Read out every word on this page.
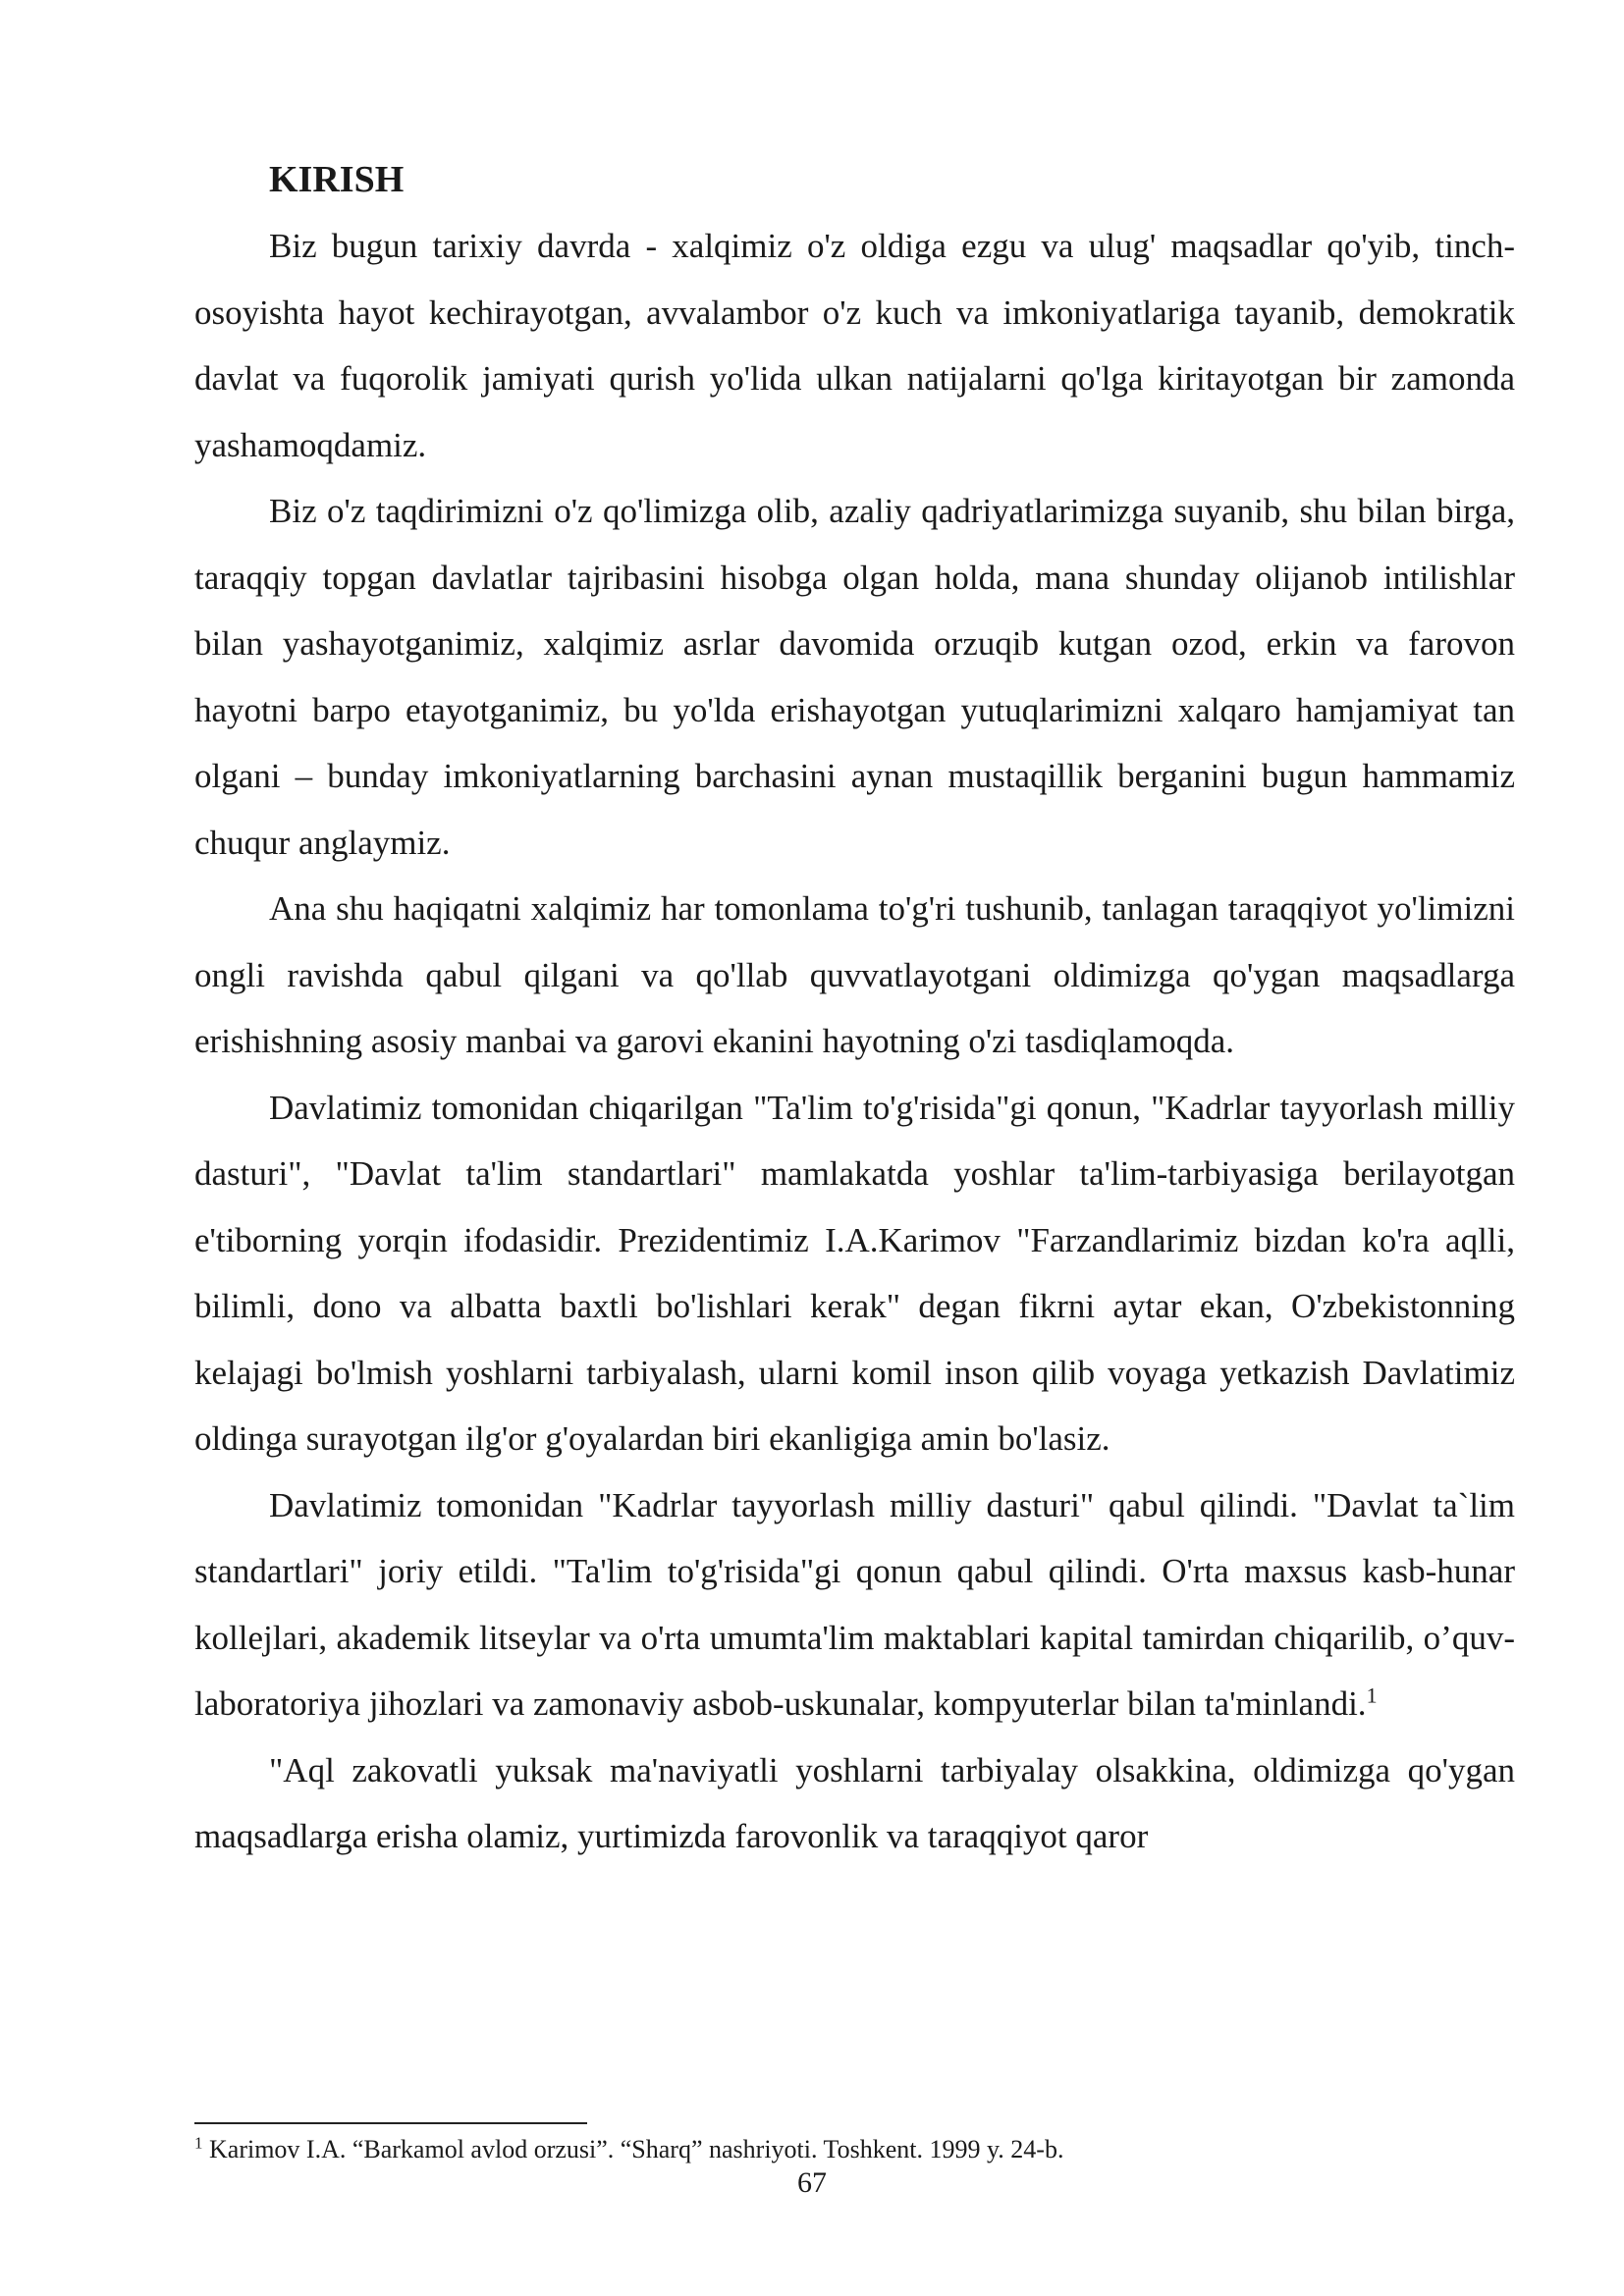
KIRISH

Biz bugun tarixiy davrda - xalqimiz o'z oldiga ezgu va ulug' maqsadlar qo'yib, tinch-osoyishta hayot kechirayotgan, avvalambor o'z kuch va imkoniyatlariga tayanib, demokratik davlat va fuqorolik jamiyati qurish yo'lida ulkan natijalarni qo'lga kiritayotgan bir zamonda yashamoqdamiz.

Biz o'z taqdirimizni o'z qo'limizga olib, azaliy qadriyatlarimizga suyanib, shu bilan birga, taraqqiy topgan davlatlar tajribasini hisobga olgan holda, mana shunday olijanob intilishlar bilan yashayotganimiz, xalqimiz asrlar davomida orzuqib kutgan ozod, erkin va farovon hayotni barpo etayotganimiz, bu yo'lda erishayotgan yutuqlarimizni xalqaro hamjamiyat tan olgani – bunday imkoniyatlarning barchasini aynan mustaqillik berganini bugun hammamiz chuqur anglaymiz.

Ana shu haqiqatni xalqimiz har tomonlama to'g'ri tushunib, tanlagan taraqqiyot yo'limizni ongli ravishda qabul qilgani va qo'llab quvvatlayotgani oldimizga qo'ygan maqsadlarga erishishning asosiy manbai va garovi ekanini hayotning o'zi tasdiqlamoqda.

Davlatimiz tomonidan chiqarilgan "Ta'lim to'g'risida"gi qonun, "Kadrlar tayyorlash milliy dasturi", "Davlat ta'lim standartlari" mamlakatda yoshlar ta'lim-tarbiyasiga berilayotgan e'tiborning yorqin ifodasidir. Prezidentimiz I.A.Karimov "Farzandlarimiz bizdan ko'ra aqlli, bilimli, dono va albatta baxtli bo'lishlari kerak" degan fikrni aytar ekan, O'zbekistonning kelajagi bo'lmish yoshlarni tarbiyalash, ularni komil inson qilib voyaga yetkazish Davlatimiz oldinga surayotgan ilg'or g'oyalardan biri ekanligiga amin bo'lasiz.

Davlatimiz tomonidan "Kadrlar tayyorlash milliy dasturi" qabul qilindi. "Davlat ta`lim standartlari" joriy etildi. "Ta'lim to'g'risida"gi qonun qabul qilindi. O'rta maxsus kasb-hunar kollejlari, akademik litseylar va o'rta umumta'lim maktablari kapital tamirdan chiqarilib, o’quv-laboratoriya jihozlari va zamonaviy asbob-uskunalar, kompyuterlar bilan ta'minlandi.$^1$

"Aql zakovatli yuksak ma'naviyatli yoshlarni tarbiyalay olsakkina, oldimizga qo'ygan maqsadlarga erisha olamiz, yurtimizda farovonlik va taraqqiyot qaror

$^1$ Karimov I.A. “Barkamol avlod orzusi”. “Sharq” nashriyoti. Toshkent. 1999 y. 24-b.
67
